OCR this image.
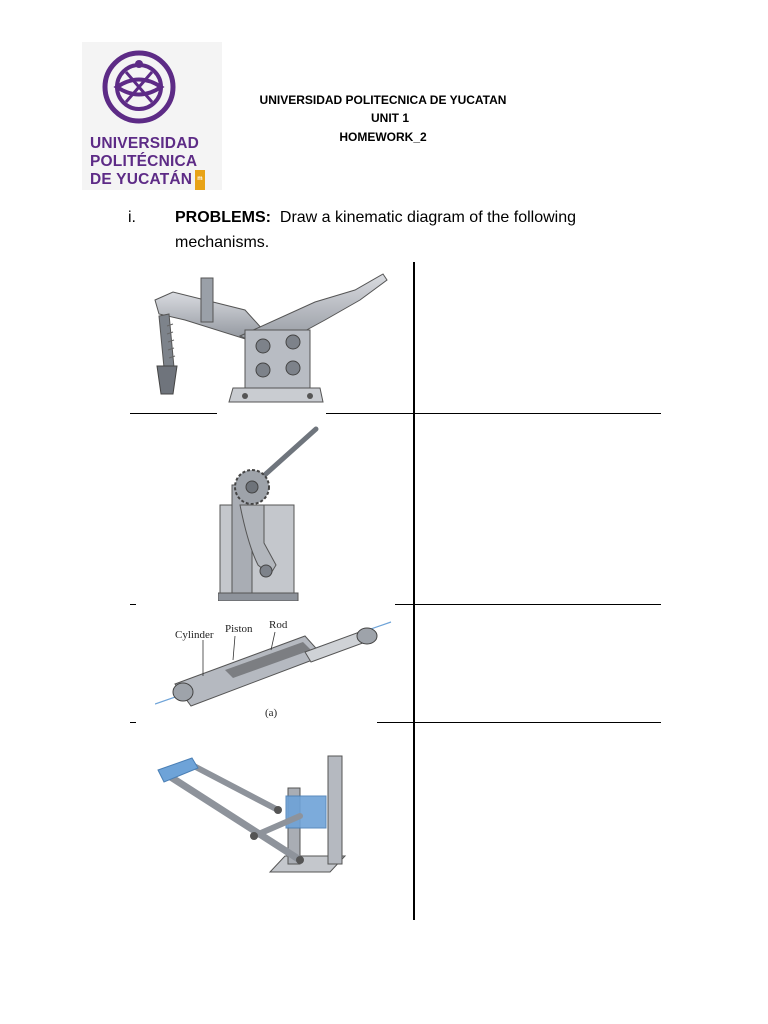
UNIVERSIDAD
POLITÉCNICA
DE YUCATÁN m
UNIVERSIDAD POLITECNICA DE YUCATAN
UNIT 1
HOMEWORK_2
i. PROBLEMS: Draw a kinematic diagram of the following mechanisms.
Cylinder Piston Rod
(a)
